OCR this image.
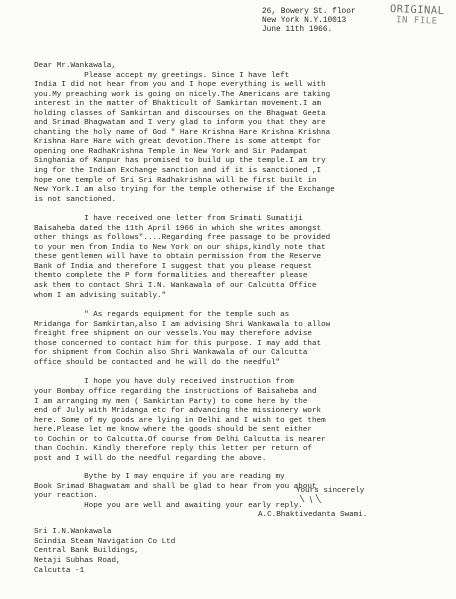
ORIGINAL
IN FILE
26, Bowery St. floor
New York N.Y.10013
June 11th 1966.
Dear Mr.Wankawala,
Please accept my greetings. Since I have left
India I did not hear from you and I hope everything is well with
you.My preaching work is going on nicely.The Americans are taking
interest in the matter of Bhakticult of Samkirtan movement.I am
holding classes of Samkirtan and discourses on the Bhagwat Geeta
and Srimad Bhagwatam and I very glad to inform you that they are
chanting the holy name of God " Hare Krishna Hare Krishna Krishna
Krishna Hare Hare with great devotion.There is some attempt for
opening one RadhaKrishna Temple in New York and Sir Padampat
Singhania of Kanpur has promised to build up the temple.I am try
ing for the Indian Exchange sanction and if it is sanctioned ,I
hope one temple of Sri Sri Radhakrishna will be first built in
New York.I am also trying for the temple otherwise if the Exchange
is not sanctioned.
I have received one letter from Srimati Sumatiji
Baisaheba dated the 11th April 1966 in which she writes amongst
other things as follows"....Regarding free passage to be provided
to your men from India to New York on our ships,kindly note that
these gentlemen will have to obtain permission from the Reserve
Bank of India and therefore I suggest that you please request
themto complete the P form formalities and thereafter please
ask them to contact Shri I.N. Wankawala of our Calcutta Office
whom I am advising suitably."
" As regards equipment for the temple such as
Mridanga for Samkirtan,also I am advising Shri Wankawala to allow
freight free shipment on our vessels.You may therefore advise
those concerned to contact him for this purpose. I may add that
for shipment from Cochin also Shri Wankawala of our Calcutta
office should be contacted and he will do the needful"
I hope you have duly received instruction from
your Bombay office regarding the instructions of Baisaheba and
I am arranging my men ( Samkirtan Party) to come here by the
end of July with Mridanga etc for advancing the missionery work
here. Some of my goods are lying in Delhi and I wish to get them
here.Please let me know where the goods should be sent either
to Cochin or to Calcutta.Of course from Delhi Calcutta is nearer
than Cochin. Kindly therefore reply this letter per return of
post and I will do the needful regarding the above.
Bythe by I may enquire if you are reading my
Book Srimad Bhagwatam and shall be glad to hear from you about
your reaction.
Hope you are well and awaiting your early reply.
Yours sincerely
A.C.Bhaktivedanta Swami.
Sri I.N.Wankawala
Scindia Steam Navigation Co Ltd
Central Bank Buildings,
Netaji Subhas Road,
Calcutta -1
